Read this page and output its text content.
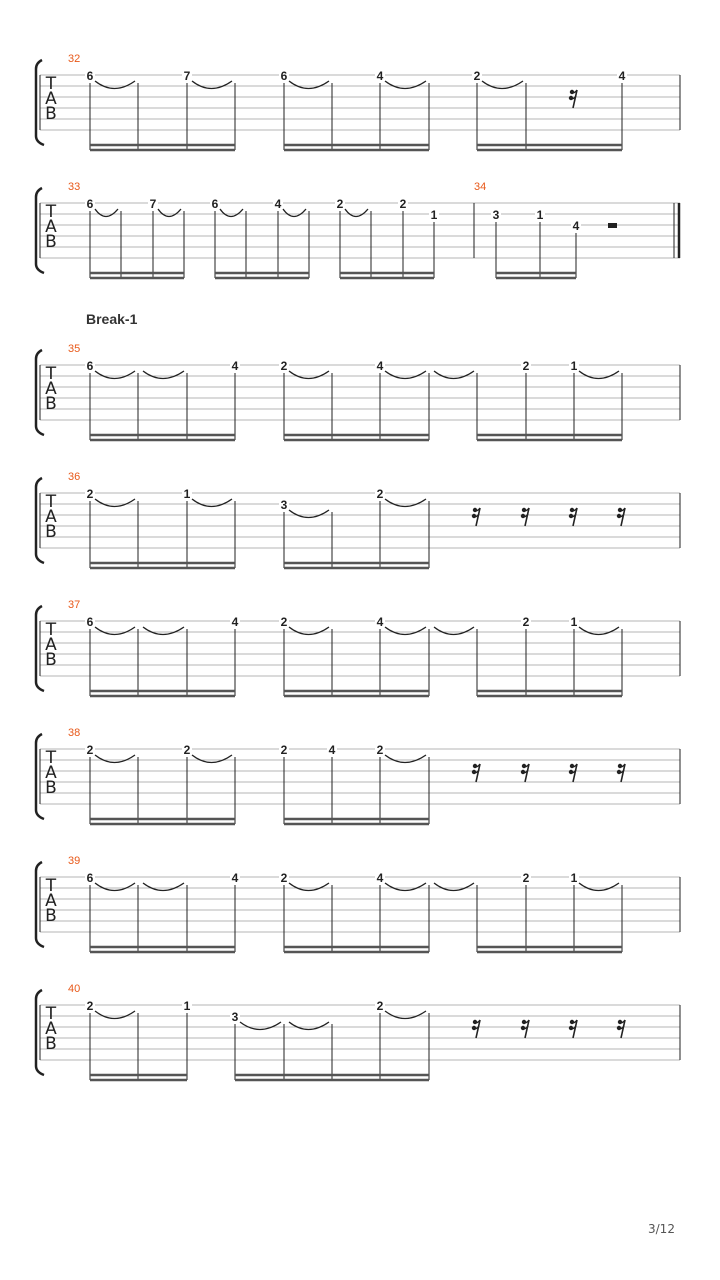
T
A
B
32
6	7	6	4	2	4
T
A
B
33	34
6	7	6	4	2	2
1	3	1
4
T
A
B
35
6	4	2	4	2	1
T
A
B
36
2	1
3
2
T
A
B
37
6	4	2	4	2	1
T
A
B
38
2	2	2	4	2
T
A
B
39
6	4	2	4	2	1
T
A
B
40
2	1
3
2
Break-1
3/12
